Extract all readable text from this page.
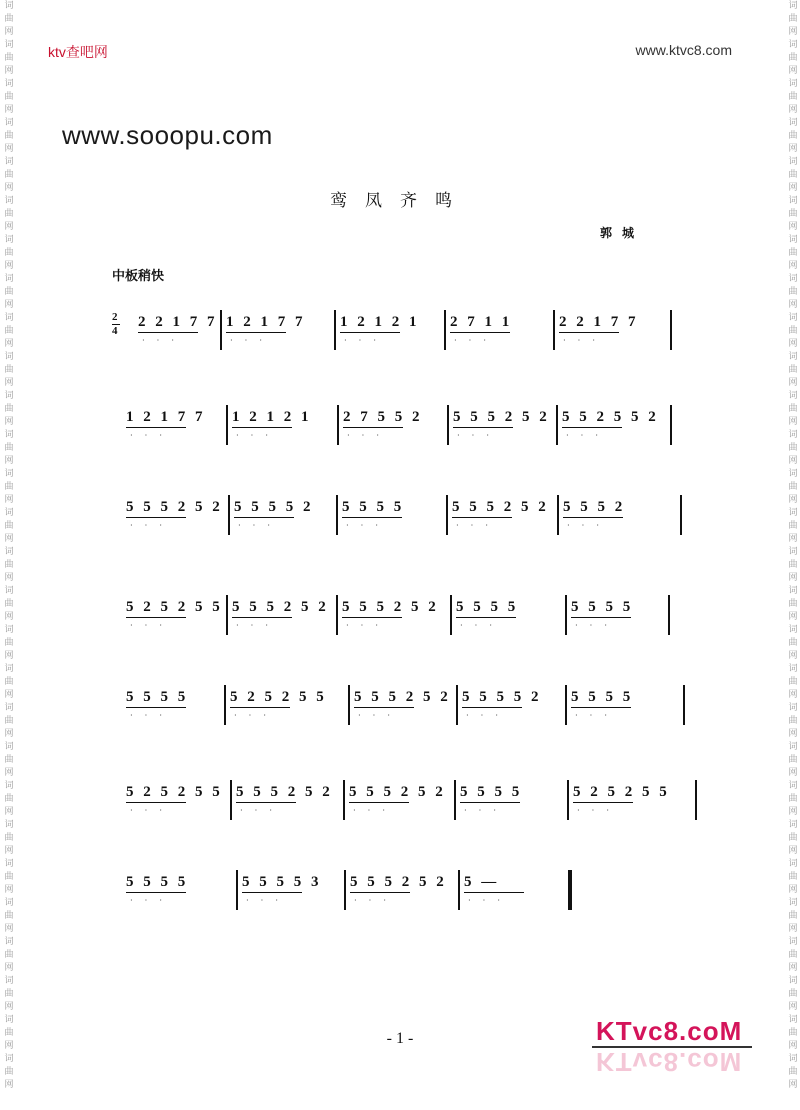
词
曲
网
词
曲
网
词
曲
网
词
曲
网
词
曲
网
词
曲
网
词
曲
网
词
曲
网
词
曲
网
词
曲
网
词
曲
网
词
曲
网
词
曲
网
词
曲
网
词
曲
网
词
曲
网
词
曲
网
词
曲
网
词
曲
网
词
曲
网
词
曲
网
词
曲
网
词
曲
网
词
曲
网
词
曲
网
词
曲
网
词
曲
网
词
曲
网
词
曲
网
词
曲
网
词
曲
网
词
曲
网
词
曲
网
词
曲
网
词
曲
网
词
曲
网
词
曲
网
词
曲
网
词
曲
网
词
曲
网
词
曲
网
词
曲
网
词
曲
网
词
曲
网
词
曲
网
词
曲
网
词
曲
网
词
曲
网
词
曲
网
词
曲
网
词
曲
网
词
曲
网
词
曲
网
词
曲
网
词
曲
网
词
曲
网
ktv查吧网	www.ktvc8.com
www.sooopu.com
鸾凤齐鸣
郭城
中板稍快
2
4
2 2 1 7 7
· · ·
1 2 1 7 7
· · ·
1 2 1 2 1
· · ·
2 7 1 1
· · ·
2 2 1 7 7
· · ·
1 2 1 7 7
· · ·
1 2 1 2 1
· · ·
2 7 5 5 2
· · ·
5 5 5 2 5 2
· · ·
5 5 2 5 5 2
· · ·
5 5 5 2 5 2
· · ·
5 5 5 5 2
· · ·
5 5 5 5
· · ·
5 5 5 2 5 2
· · ·
5 5 5 2
· · ·
5 2 5 2 5 5
· · ·
5 5 5 2 5 2
· · ·
5 5 5 2 5 2
· · ·
5 5 5 5
· · ·
5 5 5 5
· · ·
5 5 5 5
· · ·
5 2 5 2 5 5
· · ·
5 5 5 2 5 2
· · ·
5 5 5 5 2
· · ·
5 5 5 5
· · ·
5 2 5 2 5 5
· · ·
5 5 5 2 5 2
· · ·
5 5 5 2 5 2
· · ·
5 5 5 5
· · ·
5 2 5 2 5 5
· · ·
5 5 5 5
· · ·
5 5 5 5 3
· · ·
5 5 5 2 5 2
· · ·
5 —
· · ·
- 1 -	KTvc8.coM
KTvc8.coM
